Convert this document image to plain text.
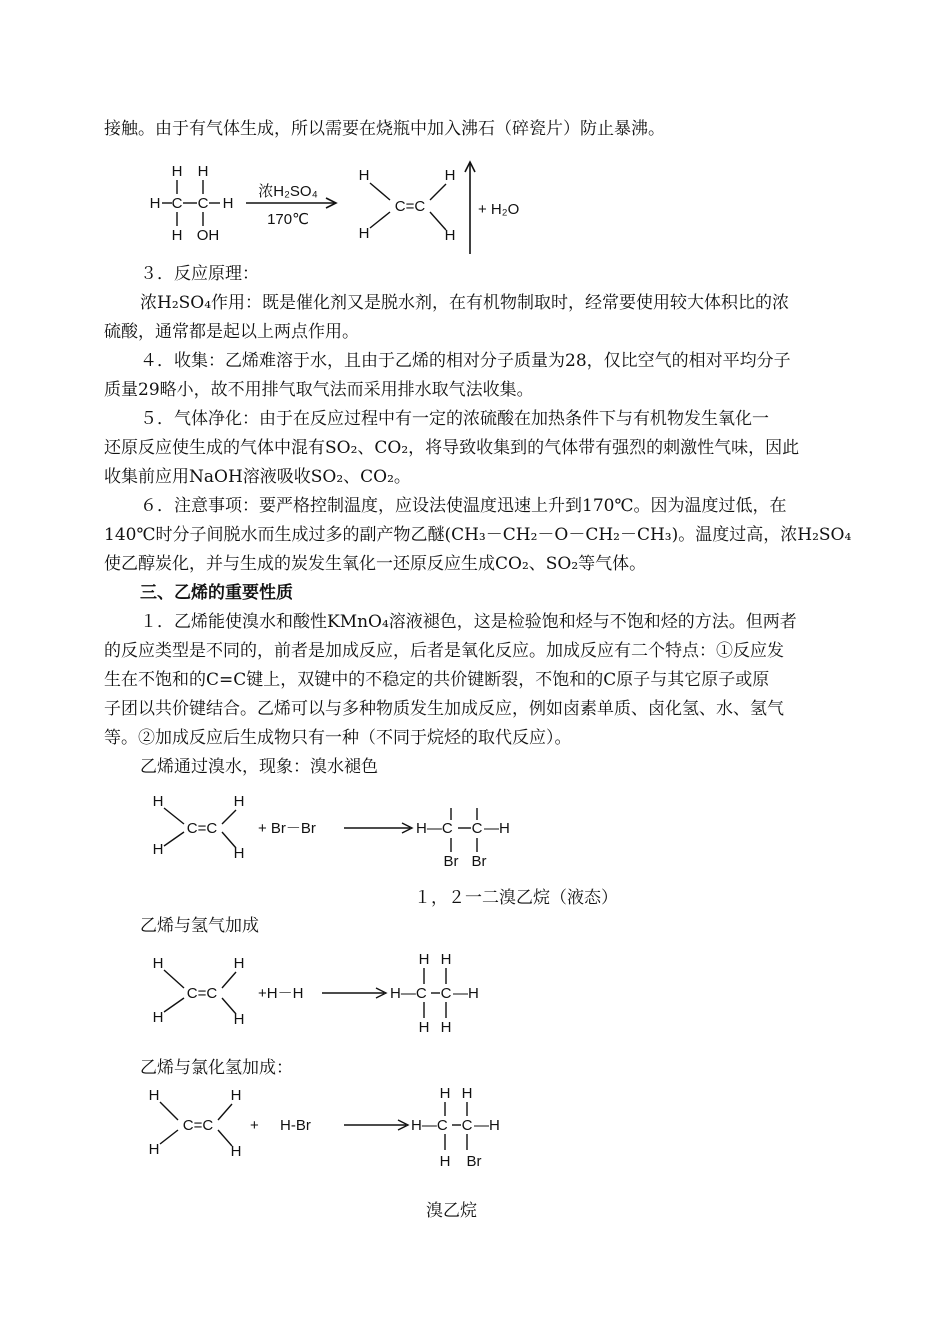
接触。由于有气体生成，所以需要在烧瓶中加入沸石（碎瓷片）防止暴沸。
H H
H C C H
H OH
浓H₂SO₄
170℃
H
H
C=C
H
H
+ H₂O
３．反应原理：
浓H₂SO₄作用：既是催化剂又是脱水剂，在有机物制取时，经常要使用较大体积比的浓
硫酸，通常都是起以上两点作用。
４．收集：乙烯难溶于水，且由于乙烯的相对分子质量为28，仅比空气的相对平均分子
质量29略小，故不用排气取气法而采用排水取气法收集。
５．气体净化：由于在反应过程中有一定的浓硫酸在加热条件下与有机物发生氧化一
还原反应使生成的气体中混有SO₂、CO₂，将导致收集到的气体带有强烈的刺激性气味，因此
收集前应用NaOH溶液吸收SO₂、CO₂。
６．注意事项：要严格控制温度，应设法使温度迅速上升到170℃。因为温度过低，在
140℃时分子间脱水而生成过多的副产物乙醚(CH₃－CH₂－O－CH₂－CH₃)。温度过高，浓H₂SO₄
使乙醇炭化，并与生成的炭发生氧化一还原反应生成CO₂、SO₂等气体。
三、乙烯的重要性质
１．乙烯能使溴水和酸性KMnO₄溶液褪色，这是检验饱和烃与不饱和烃的方法。但两者
的反应类型是不同的，前者是加成反应，后者是氧化反应。加成反应有二个特点：①反应发
生在不饱和的C=C键上，双键中的不稳定的共价键断裂，不饱和的C原子与其它原子或原
子团以共价键结合。乙烯可以与多种物质发生加成反应，例如卤素单质、卤化氢、水、氢气
等。②加成反应后生成物只有一种（不同于烷烃的取代反应）。
乙烯通过溴水，现象：溴水褪色
H
H
C=C
H
H
+ Br－Br	H—C C —H
Br Br
１，２一二溴乙烷（液态）
乙烯与氢气加成
H
H
C=C
H
H
+H－H
H H
H—C C —H
H H
乙烯与氯化氢加成：
H
H
C=C
H
H
+ H-Br
H H
H—C C —H
H Br
溴乙烷
